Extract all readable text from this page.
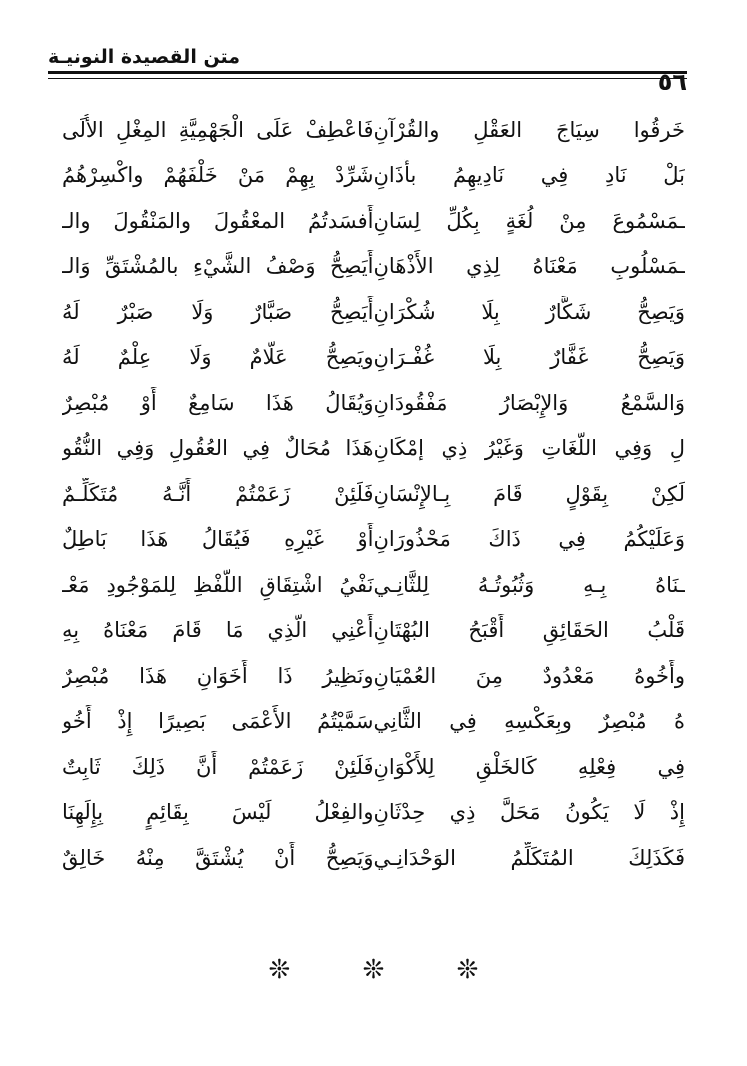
متن القصيدة النونيـة
٥٦
فَاعْطِفْ عَلَى الْجَهْمِيَّةِ المِغْلِ الأُلَى خَرقُوا سِيَاجَ العَقْلِ والقُرْآنِ
شَرِّدْ بِهِمْ مَنْ خَلْفَهُمْ واكْسِرْهُمُ بَلْ نَادِ فِي نَادِيهِمُ بأَذَانِ
أَفسَدتُمُ المعْقُولَ والمَنْقُولَ والـ ـمَسْمُوعَ مِنْ لُغَةٍ بِكُلِّ لِسَانِ
أَيَصِحُّ وَصْفُ الشَّيْءِ بالمُشْتَقِّ وَالـ ـمَسْلُوبِ مَعْنَاهُ لِذِي الأَذْهَانِ
أَيَصِحُّ صَبَّارٌ وَلَا صَبْرٌ لَهُ وَيَصِحُّ شَكَّارٌ بِلَا شُكْرَانِ
ويَصِحُّ عَلَّامٌ وَلَا عِلْمٌ لَهُ وَيَصِحُّ غَفَّارٌ بِلَا غُفْـرَانِ
وَيُقَالُ هَذَا سَامِعٌ أَوْ مُبْصِرٌ وَالسَّمْعُ وَالإِبْصَارُ مَفْقُودَانِ
هَذَا مُحَالٌ فِي العُقُولِ وَفِي النُّقُو لِ وَفِي اللُّغَاتِ وَغَيْرُ ذِي إمْكَانِ
فَلَئِنْ زَعَمْتُمْ أَنَّـهُ مُتَكَلِّـمٌ لَكِنْ بِقَوْلٍ قَامَ بِـالإِنْسَانِ
أَوْ غَيْرِهِ فَيُقَالُ هَذَا بَاطِلٌ وَعَلَيْكُمُ فِي ذَاكَ مَحْذُورَانِ
نَفْيُ اشْتِقَاقِ اللَّفْظِ لِلمَوْجُودِ مَعْـ ـنَاهُ بِـهِ وَثُبُوتُـهُ لِلثَّانِـي
أَعْنِي الَّذِي مَا قَامَ مَعْنَاهُ بِهِ قَلْبُ الحَقَائِقِ أَقْبَحُ البُهْتَانِ
ونَظِيرُ ذَا أَخَوَانِ هَذَا مُبْصِرٌ وأَخُوهُ مَعْدُودٌ مِنَ العُمْيَانِ
سَمَّيْتُمُ الأَعْمَى بَصِيرًا إِذْ أَخُو هُ مُبْصِرٌ وبِعَكْسِهِ فِي الثَّانِي
فَلَئِنْ زَعَمْتُمْ أَنَّ ذَلِكَ ثَابِتٌ فِي فِعْلِهِ كَالخَلْقِ لِلأَكْوَانِ
والفِعْلُ لَيْسَ بِقَائِمٍ بِإِلَهِنَا إِذْ لَا يَكُونُ مَحَلَّ ذِي حِدْثَانِ
وَيَصِحُّ أَنْ يُشْتَقَّ مِنْهُ خَالِقٌ فَكَذَلِكَ المُتَكَلِّمُ الوَحْدَانِـي
❊ ❊ ❊
